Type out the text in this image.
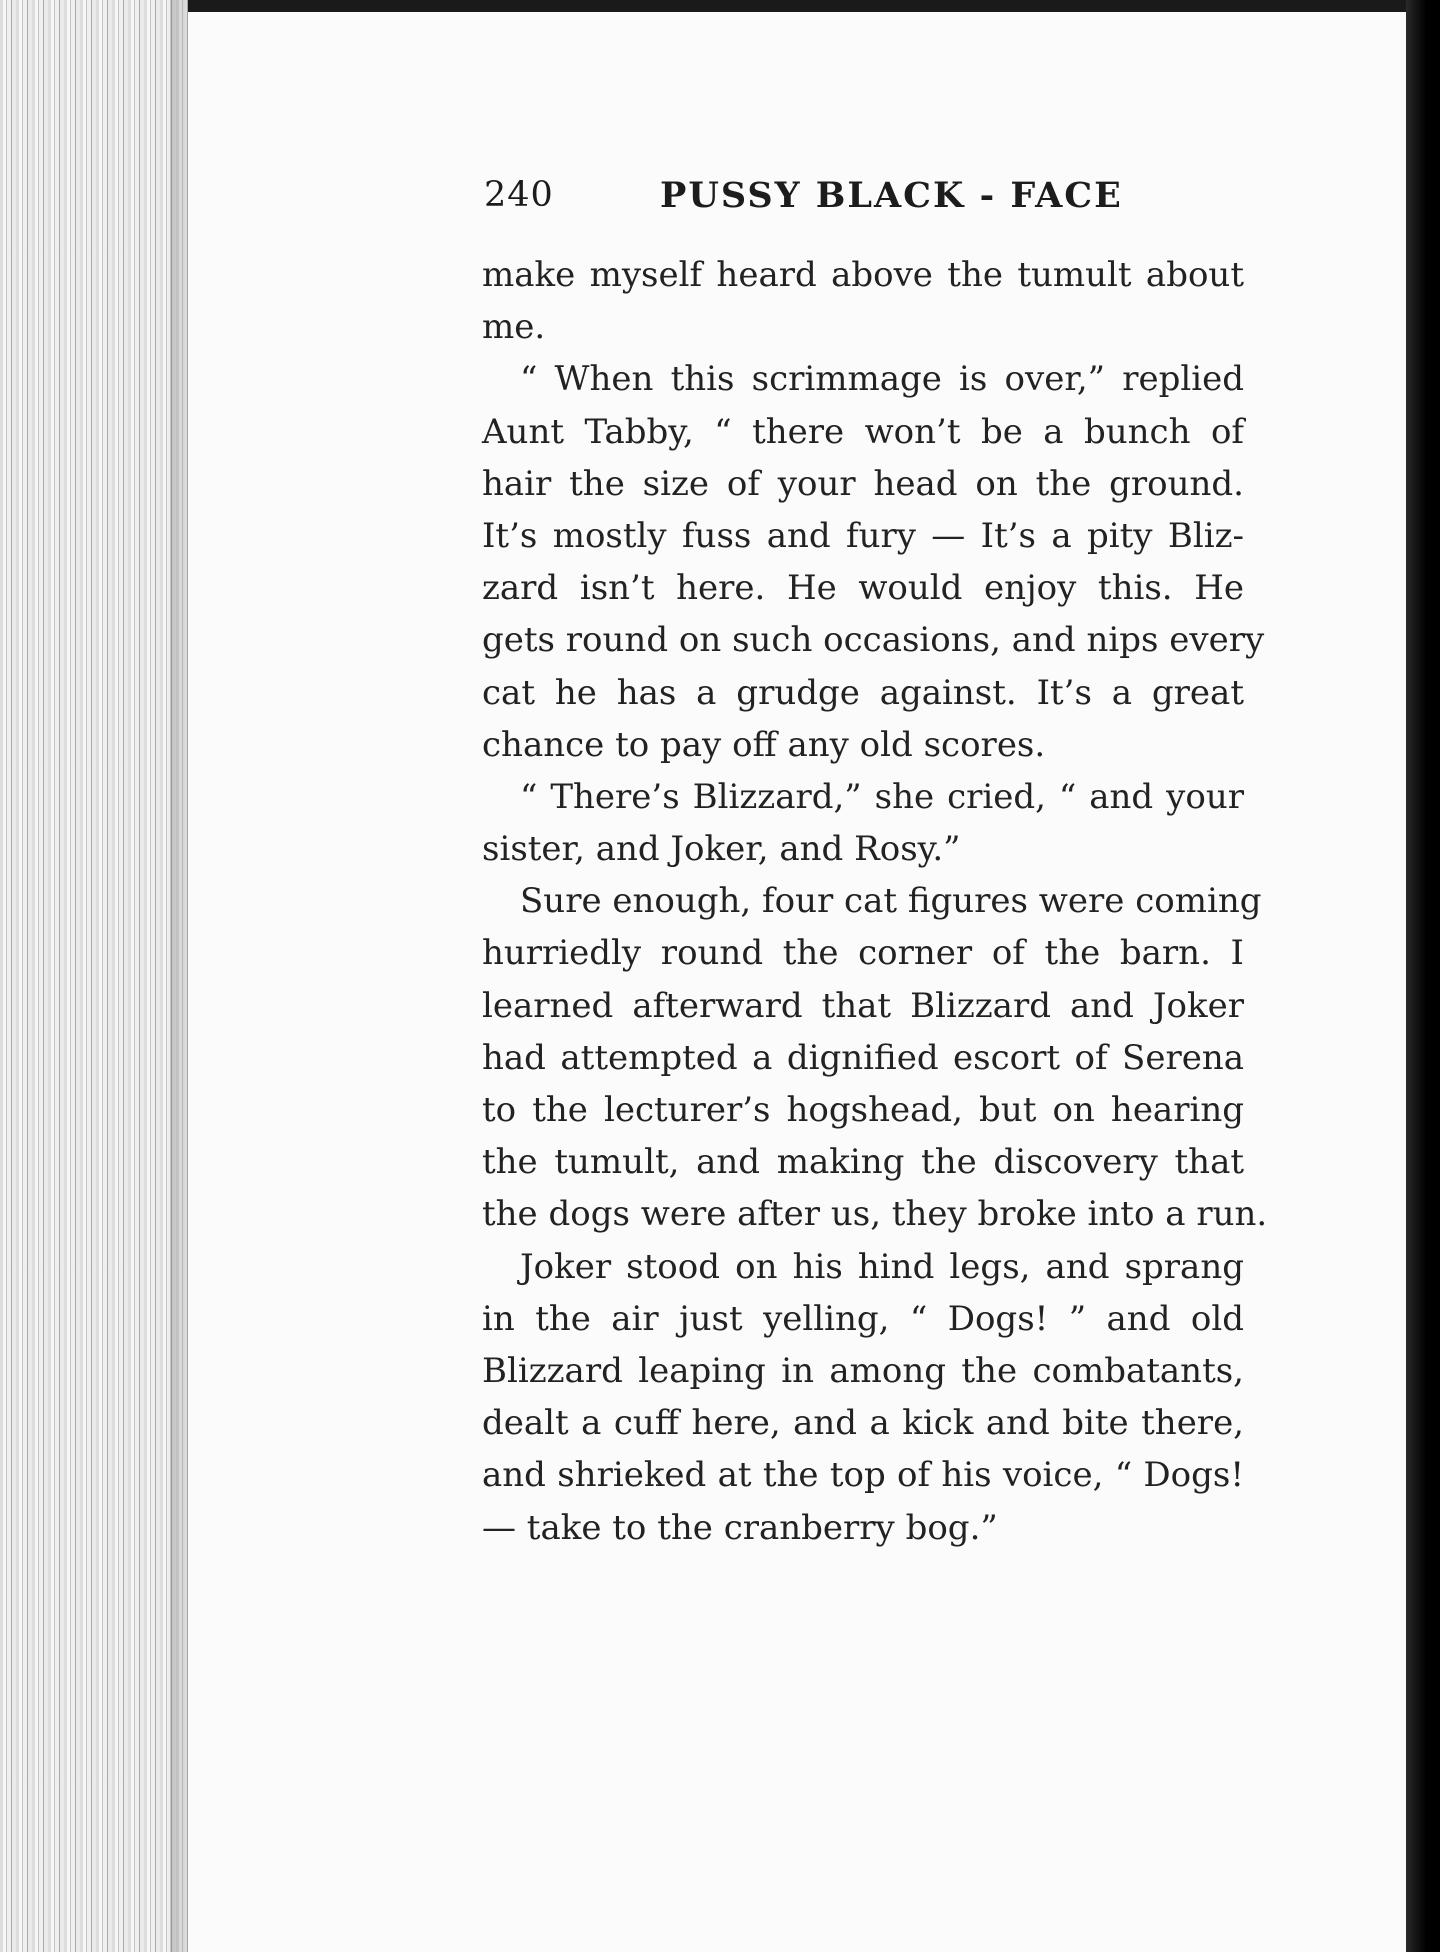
240	PUSSY BLACK - FACE
make myself heard above the tumult about
me.
“ When this scrimmage is over,” replied
Aunt Tabby, “ there won’t be a bunch of
hair the size of your head on the ground.
It’s mostly fuss and fury — It’s a pity Bliz-
zard isn’t here. He would enjoy this. He
gets round on such occasions, and nips every
cat he has a grudge against. It’s a great
chance to pay off any old scores.
“ There’s Blizzard,” she cried, “ and your
sister, and Joker, and Rosy.”
Sure enough, four cat figures were coming
hurriedly round the corner of the barn. I
learned afterward that Blizzard and Joker
had attempted a dignified escort of Serena
to the lecturer’s hogshead, but on hearing
the tumult, and making the discovery that
the dogs were after us, they broke into a run.
Joker stood on his hind legs, and sprang
in the air just yelling, “ Dogs! ” and old
Blizzard leaping in among the combatants,
dealt a cuff here, and a kick and bite there,
and shrieked at the top of his voice, “ Dogs!
— take to the cranberry bog.”
